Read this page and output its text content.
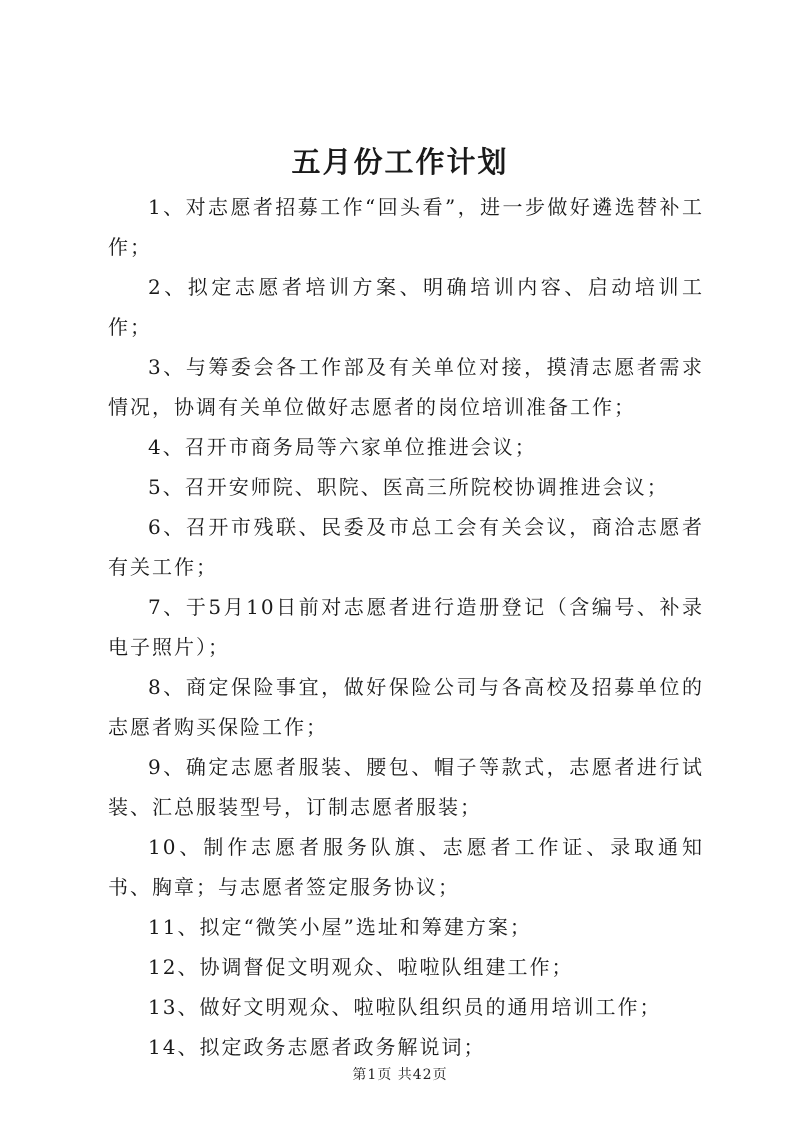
五月份工作计划

1、对志愿者招募工作“回头看”，进一步做好遴选替补工作；

2、拟定志愿者培训方案、明确培训内容、启动培训工作；

3、与筹委会各工作部及有关单位对接，摸清志愿者需求情况，协调有关单位做好志愿者的岗位培训准备工作；

4、召开市商务局等六家单位推进会议；

5、召开安师院、职院、医高三所院校协调推进会议；

6、召开市残联、民委及市总工会有关会议，商洽志愿者有关工作；

7、于5月10日前对志愿者进行造册登记（含编号、补录电子照片）；

8、商定保险事宜，做好保险公司与各高校及招募单位的志愿者购买保险工作；

9、确定志愿者服装、腰包、帽子等款式，志愿者进行试装、汇总服装型号，订制志愿者服装；

10、制作志愿者服务队旗、志愿者工作证、录取通知书、胸章；与志愿者签定服务协议；

11、拟定“微笑小屋”选址和筹建方案；

12、协调督促文明观众、啦啦队组建工作；

13、做好文明观众、啦啦队组织员的通用培训工作；

14、拟定政务志愿者政务解说词；

第1页 共42页
